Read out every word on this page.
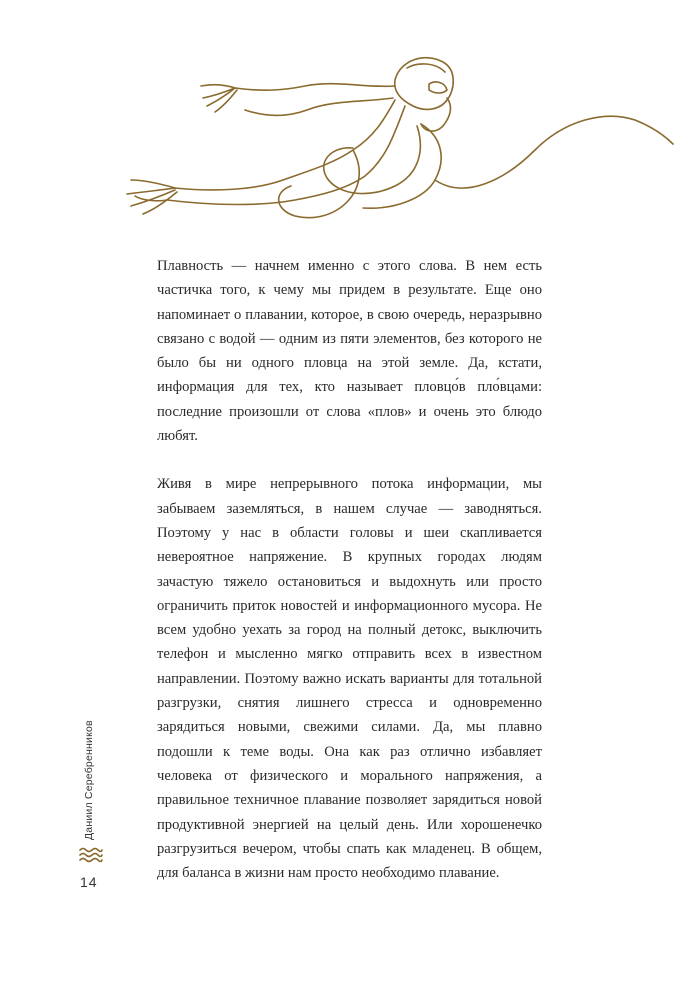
Плавность — начнем именно с этого слова. В нем есть частичка того, к чему мы придем в результате. Еще оно напоминает о плавании, которое, в свою очередь, неразрывно связано с водой — одним из пяти элементов, без которого не было бы ни одного пловца на этой земле. Да, кстати, информация для тех, кто называет пловцо́в пло́вцами: последние произошли от слова «плов» и очень это блюдо любят.

Живя в мире непрерывного потока информации, мы забываем заземляться, в нашем случае — заводняться. Поэтому у нас в области головы и шеи скапливается невероятное напряжение. В крупных городах людям зачастую тяжело остановиться и выдохнуть или просто ограничить приток новостей и информационного мусора. Не всем удобно уехать за город на полный детокс, выключить телефон и мысленно мягко отправить всех в известном направлении. Поэтому важно искать варианты для тотальной разгрузки, снятия лишнего стресса и одновременно зарядиться новыми, свежими силами. Да, мы плавно подошли к теме воды. Она как раз отлично избавляет человека от физического и морального напряжения, а правильное техничное плавание позволяет зарядиться новой продуктивной энергией на целый день. Или хорошенечко разгрузиться вечером, чтобы спать как младенец. В общем, для баланса в жизни нам просто необходимо плавание.

Даниил Серебренников
14
